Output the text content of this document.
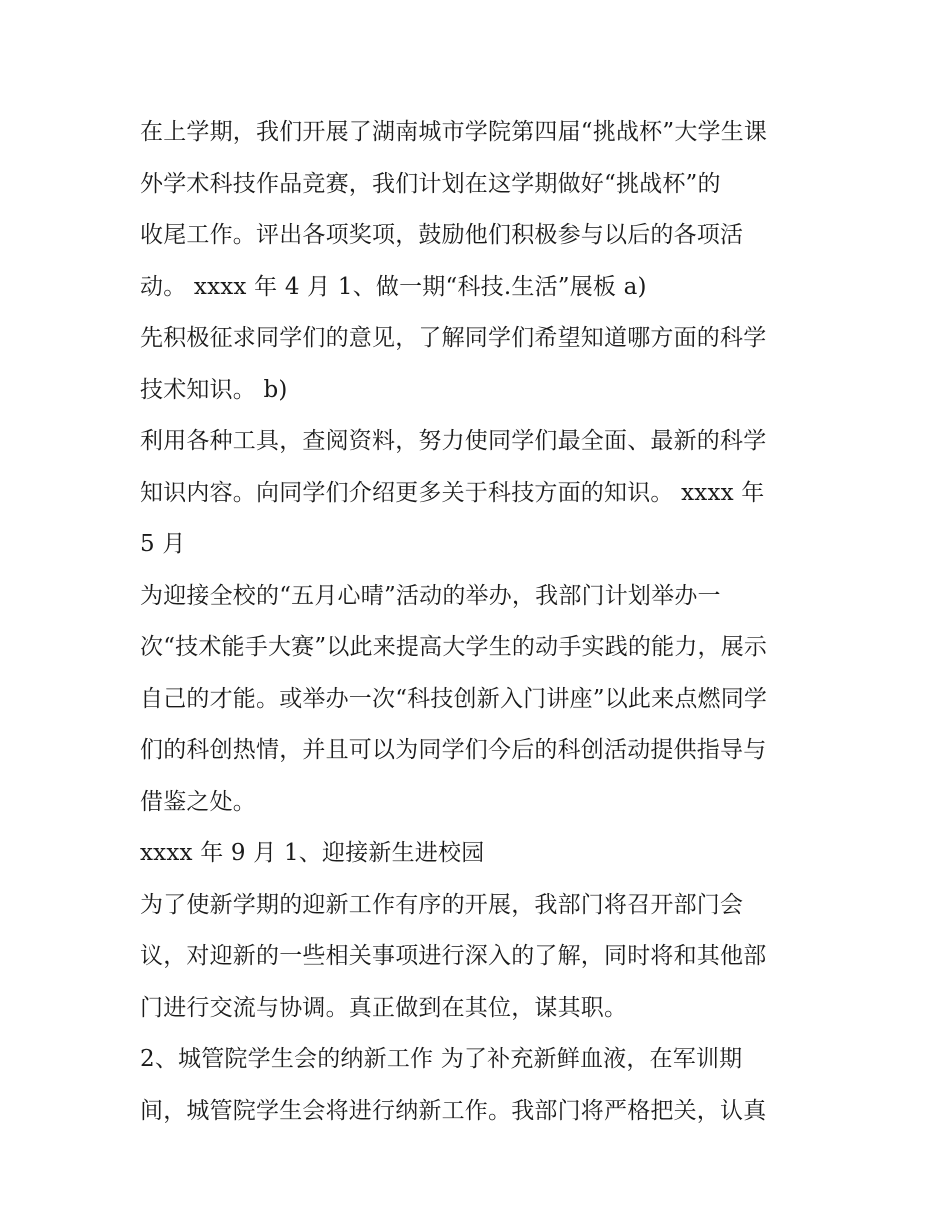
在上学期，我们开展了湖南城市学院第四届“挑战杯”大学生课
外学术科技作品竞赛，我们计划在这学期做好“挑战杯”的
收尾工作。评出各项奖项，鼓励他们积极参与以后的各项活
动。 xxxx 年 4 月 1、做一期“科技.生活”展板 a)
先积极征求同学们的意见，了解同学们希望知道哪方面的科学
技术知识。 b)
利用各种工具，查阅资料，努力使同学们最全面、最新的科学
知识内容。向同学们介绍更多关于科技方面的知识。 xxxx 年
5 月
为迎接全校的“五月心晴”活动的举办，我部门计划举办一
次“技术能手大赛”以此来提高大学生的动手实践的能力，展示
自己的才能。或举办一次“科技创新入门讲座”以此来点燃同学
们的科创热情，并且可以为同学们今后的科创活动提供指导与
借鉴之处。
xxxx 年 9 月 1、迎接新生进校园
为了使新学期的迎新工作有序的开展，我部门将召开部门会
议，对迎新的一些相关事项进行深入的了解，同时将和其他部
门进行交流与协调。真正做到在其位，谋其职。
2、城管院学生会的纳新工作 为了补充新鲜血液，在军训期
间，城管院学生会将进行纳新工作。我部门将严格把关，认真
